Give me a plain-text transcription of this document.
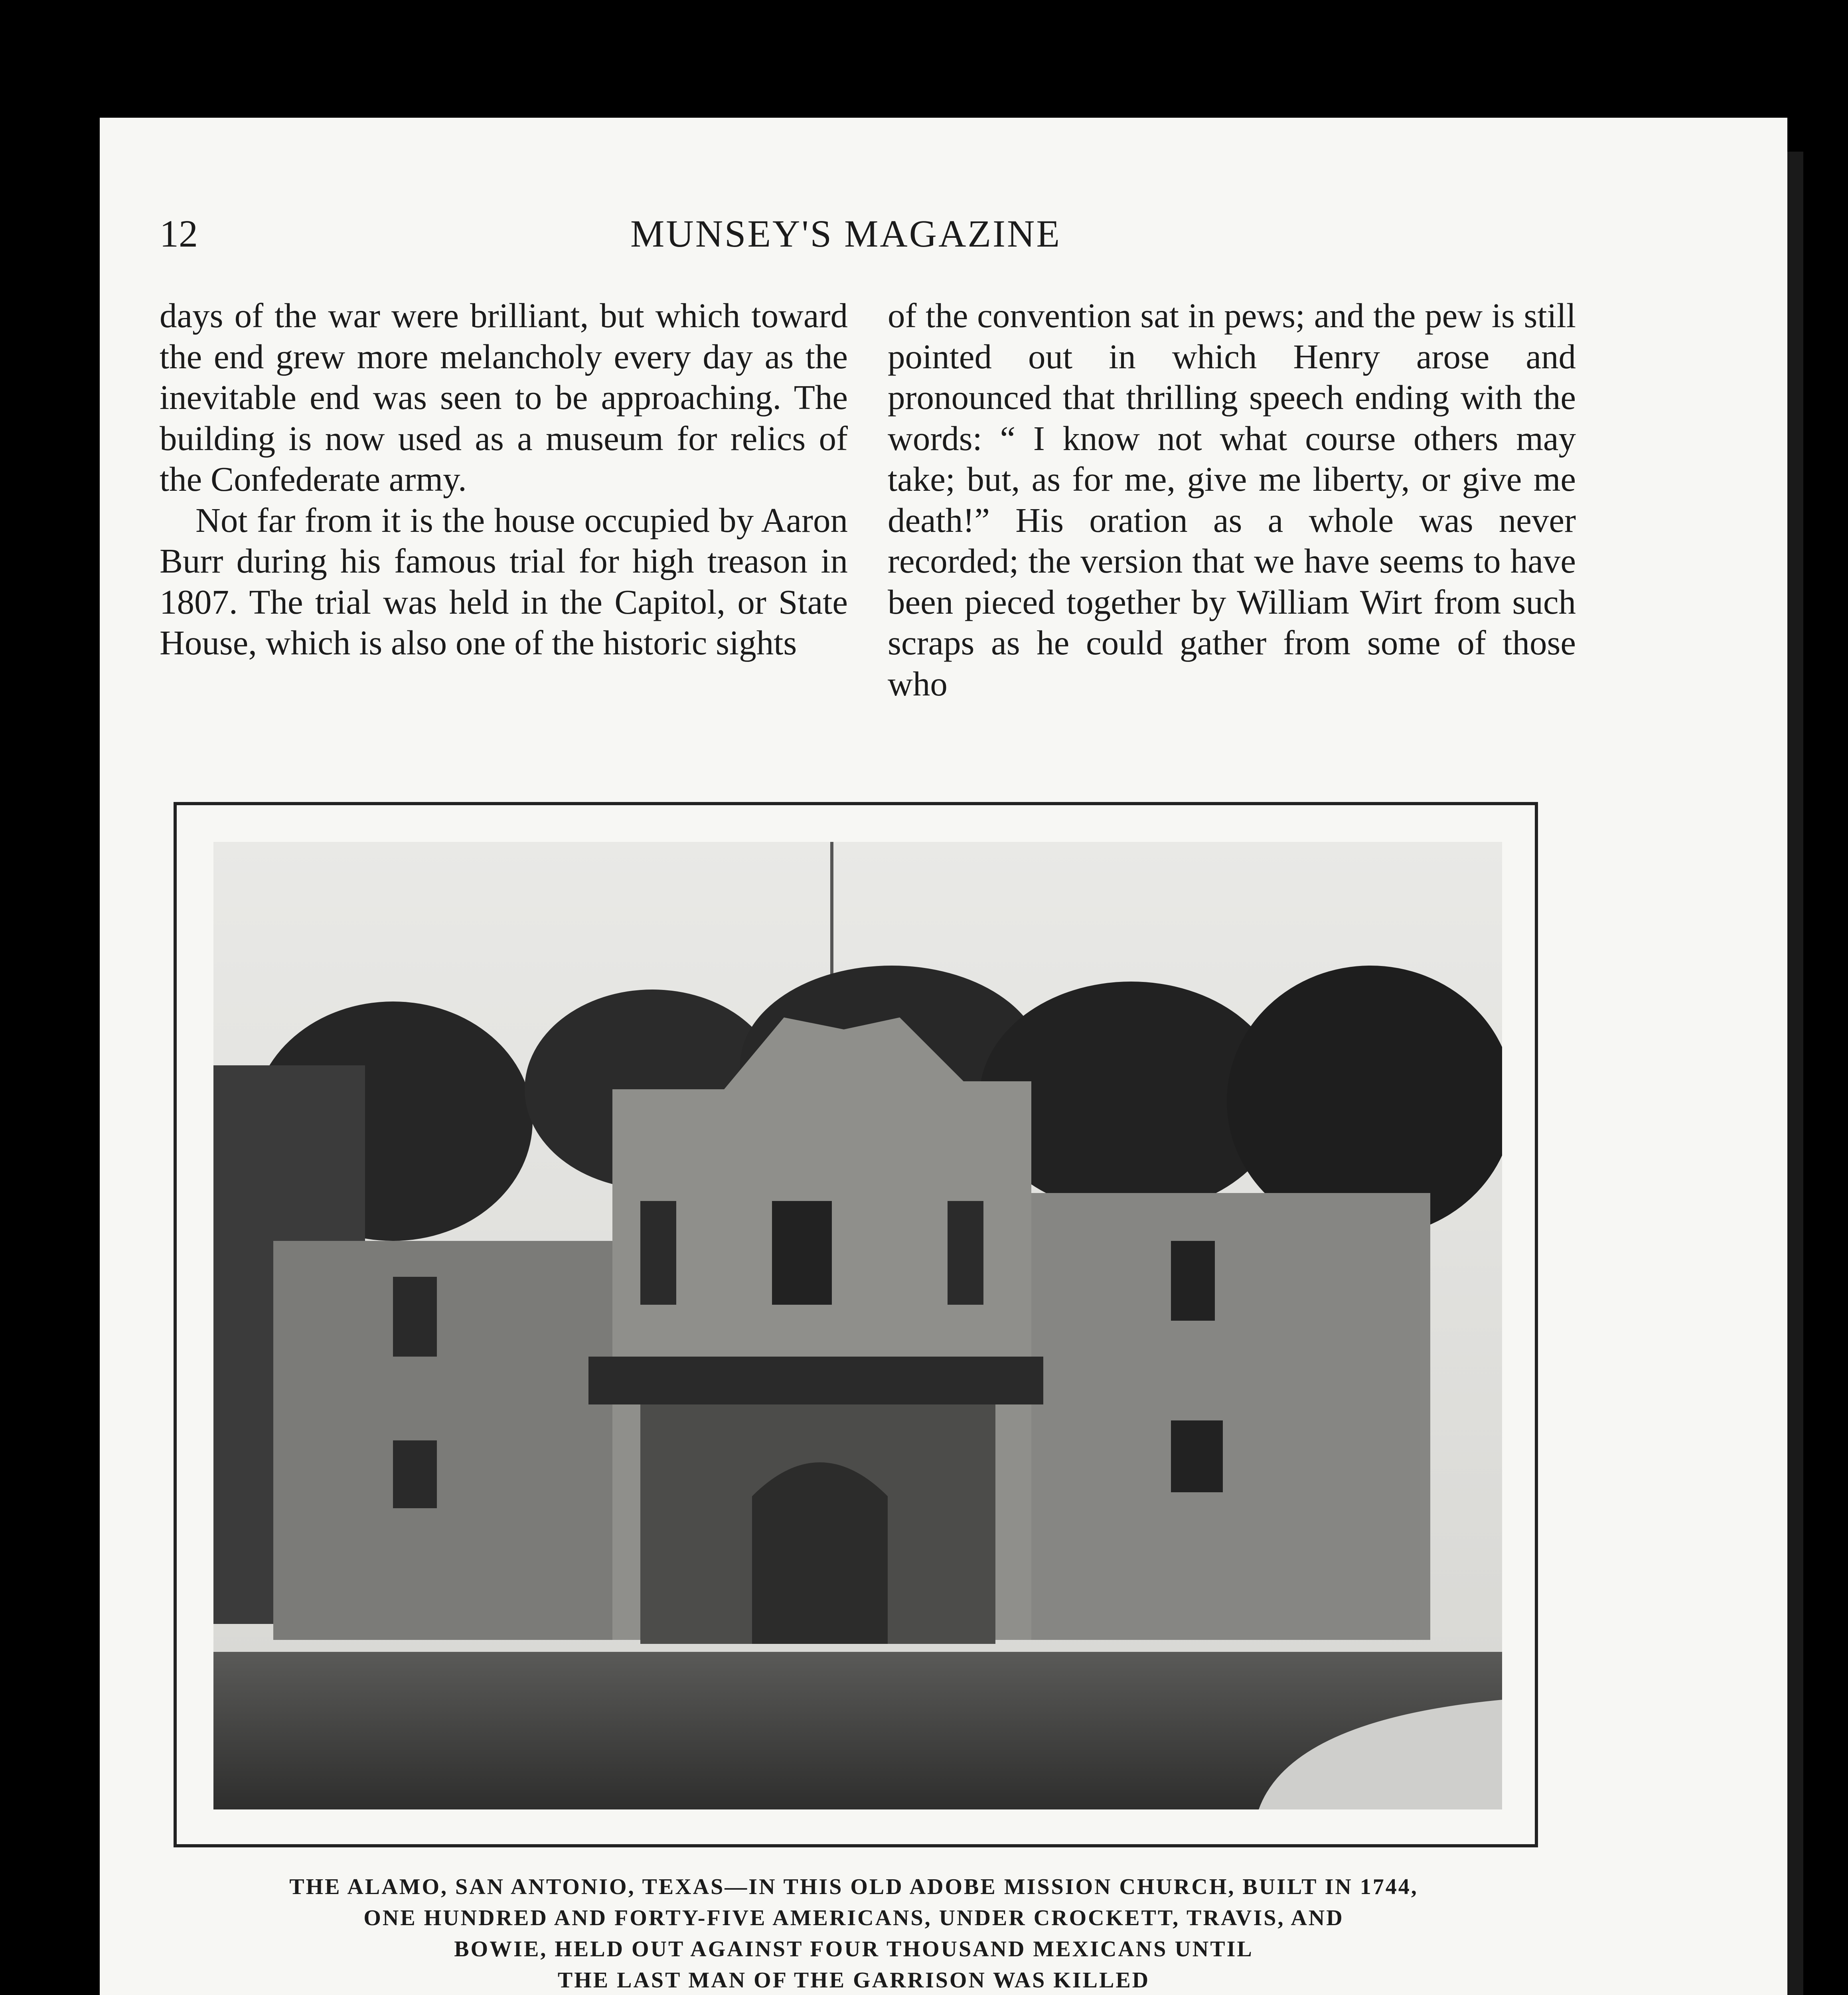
12	MUNSEY'S MAGAZINE

days of the war were brilliant, but which toward the end grew more melancholy every day as the inevitable end was seen to be approaching. The building is now used as a museum for relics of the Confederate army.

Not far from it is the house occupied by Aaron Burr during his famous trial for high treason in 1807. The trial was held in the Capitol, or State House, which is also one of the historic sights

of the convention sat in pews; and the pew is still pointed out in which Henry arose and pronounced that thrilling speech ending with the words: “ I know not what course others may take; but, as for me, give me liberty, or give me death!” His oration as a whole was never recorded; the version that we have seems to have been pieced together by William Wirt from such scraps as he could gather from some of those who

THE ALAMO, SAN ANTONIO, TEXAS—IN THIS OLD ADOBE MISSION CHURCH, BUILT IN 1744,
ONE HUNDRED AND FORTY-FIVE AMERICANS, UNDER CROCKETT, TRAVIS, AND
BOWIE, HELD OUT AGAINST FOUR THOUSAND MEXICANS UNTIL
THE LAST MAN OF THE GARRISON WAS KILLED
